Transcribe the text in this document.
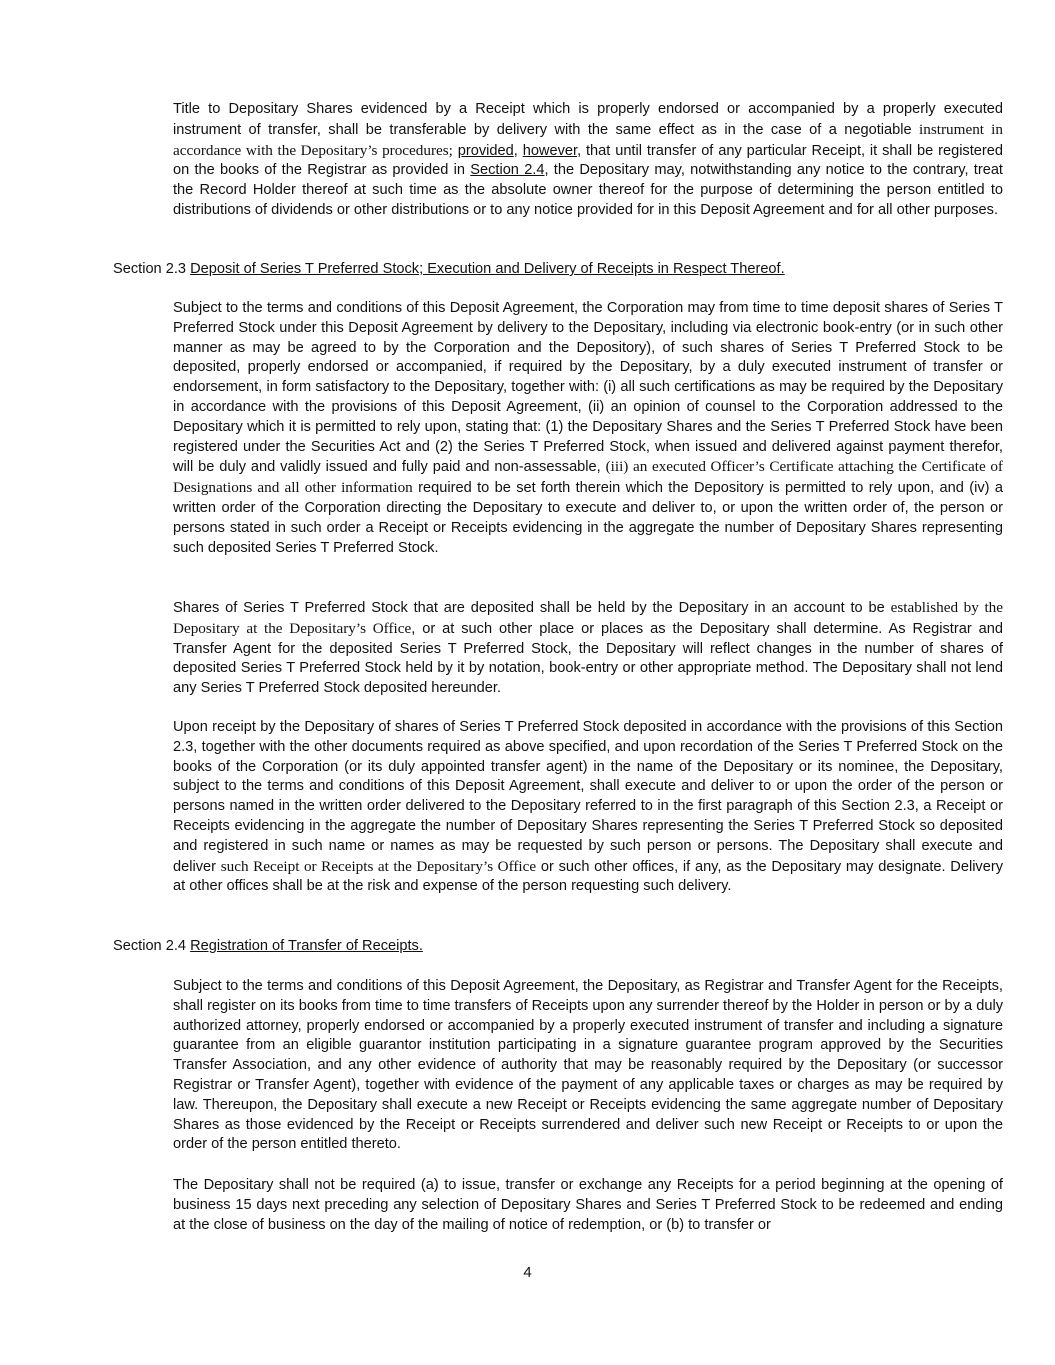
Title to Depositary Shares evidenced by a Receipt which is properly endorsed or accompanied by a properly executed instrument of transfer, shall be transferable by delivery with the same effect as in the case of a negotiable instrument in accordance with the Depositary’s procedures; provided, however, that until transfer of any particular Receipt, it shall be registered on the books of the Registrar as provided in Section 2.4, the Depositary may, notwithstanding any notice to the contrary, treat the Record Holder thereof at such time as the absolute owner thereof for the purpose of determining the person entitled to distributions of dividends or other distributions or to any notice provided for in this Deposit Agreement and for all other purposes.

Section 2.3 Deposit of Series T Preferred Stock; Execution and Delivery of Receipts in Respect Thereof.

Subject to the terms and conditions of this Deposit Agreement, the Corporation may from time to time deposit shares of Series T Preferred Stock under this Deposit Agreement by delivery to the Depositary, including via electronic book-entry (or in such other manner as may be agreed to by the Corporation and the Depository), of such shares of Series T Preferred Stock to be deposited, properly endorsed or accompanied, if required by the Depositary, by a duly executed instrument of transfer or endorsement, in form satisfactory to the Depositary, together with: (i) all such certifications as may be required by the Depositary in accordance with the provisions of this Deposit Agreement, (ii) an opinion of counsel to the Corporation addressed to the Depositary which it is permitted to rely upon, stating that: (1) the Depositary Shares and the Series T Preferred Stock have been registered under the Securities Act and (2) the Series T Preferred Stock, when issued and delivered against payment therefor, will be duly and validly issued and fully paid and non-assessable, (iii) an executed Officer’s Certificate attaching the Certificate of Designations and all other information required to be set forth therein which the Depository is permitted to rely upon, and (iv) a written order of the Corporation directing the Depositary to execute and deliver to, or upon the written order of, the person or persons stated in such order a Receipt or Receipts evidencing in the aggregate the number of Depositary Shares representing such deposited Series T Preferred Stock.

Shares of Series T Preferred Stock that are deposited shall be held by the Depositary in an account to be established by the Depositary at the Depositary’s Office, or at such other place or places as the Depositary shall determine. As Registrar and Transfer Agent for the deposited Series T Preferred Stock, the Depositary will reflect changes in the number of shares of deposited Series T Preferred Stock held by it by notation, book-entry or other appropriate method. The Depositary shall not lend any Series T Preferred Stock deposited hereunder.

Upon receipt by the Depositary of shares of Series T Preferred Stock deposited in accordance with the provisions of this Section 2.3, together with the other documents required as above specified, and upon recordation of the Series T Preferred Stock on the books of the Corporation (or its duly appointed transfer agent) in the name of the Depositary or its nominee, the Depositary, subject to the terms and conditions of this Deposit Agreement, shall execute and deliver to or upon the order of the person or persons named in the written order delivered to the Depositary referred to in the first paragraph of this Section 2.3, a Receipt or Receipts evidencing in the aggregate the number of Depositary Shares representing the Series T Preferred Stock so deposited and registered in such name or names as may be requested by such person or persons. The Depositary shall execute and deliver such Receipt or Receipts at the Depositary’s Office or such other offices, if any, as the Depositary may designate. Delivery at other offices shall be at the risk and expense of the person requesting such delivery.

Section 2.4 Registration of Transfer of Receipts.

Subject to the terms and conditions of this Deposit Agreement, the Depositary, as Registrar and Transfer Agent for the Receipts, shall register on its books from time to time transfers of Receipts upon any surrender thereof by the Holder in person or by a duly authorized attorney, properly endorsed or accompanied by a properly executed instrument of transfer and including a signature guarantee from an eligible guarantor institution participating in a signature guarantee program approved by the Securities Transfer Association, and any other evidence of authority that may be reasonably required by the Depositary (or successor Registrar or Transfer Agent), together with evidence of the payment of any applicable taxes or charges as may be required by law. Thereupon, the Depositary shall execute a new Receipt or Receipts evidencing the same aggregate number of Depositary Shares as those evidenced by the Receipt or Receipts surrendered and deliver such new Receipt or Receipts to or upon the order of the person entitled thereto.

The Depositary shall not be required (a) to issue, transfer or exchange any Receipts for a period beginning at the opening of business 15 days next preceding any selection of Depositary Shares and Series T Preferred Stock to be redeemed and ending at the close of business on the day of the mailing of notice of redemption, or (b) to transfer or

4
